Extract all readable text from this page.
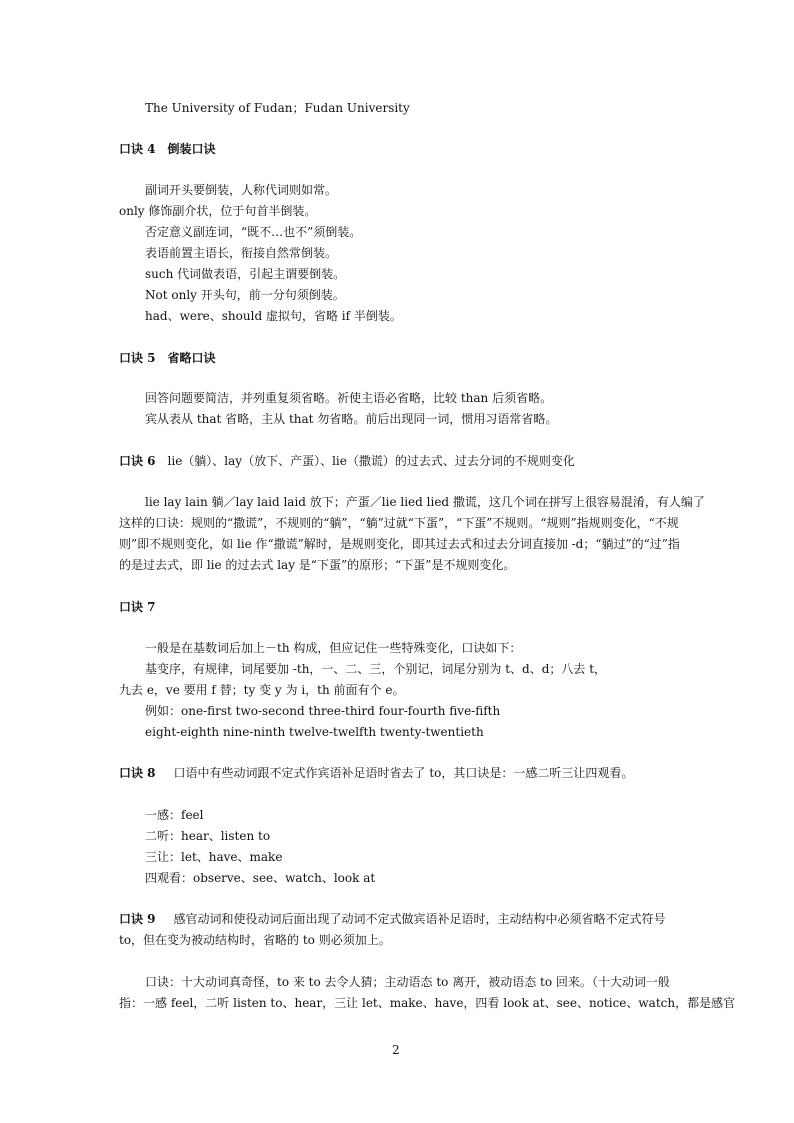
The University of Fudan；Fudan University
口诀 4 倒装口诀
副词开头要倒装，人称代词则如常。
only 修饰副介状，位于句首半倒装。
否定意义副连词，“既不…也不”须倒装。
表语前置主语长，衔接自然常倒装。
such 代词做表语，引起主谓要倒装。
Not only 开头句，前一分句须倒装。
had、were、should 虚拟句，省略 if 半倒装。
口诀 5 省略口诀
回答问题要简洁，并列重复须省略。祈使主语必省略，比较 than 后须省略。
宾从表从 that 省略，主从 that 勿省略。前后出现同一词，惯用习语常省略。
口诀 6 lie（躺）、lay（放下、产蛋）、lie（撒谎）的过去式、过去分词的不规则变化
lie lay lain 躺／lay laid laid 放下；产蛋／lie lied lied 撒谎，这几个词在拼写上很容易混淆，有人编了
这样的口诀：规则的“撒谎”，不规则的“躺”，“躺”过就“下蛋”，“下蛋”不规则。“规则”指规则变化，“不规
则”即不规则变化，如 lie 作“撒谎”解时，是规则变化，即其过去式和过去分词直接加 -d；“躺过”的“过”指
的是过去式，即 lie 的过去式 lay 是“下蛋”的原形；“下蛋”是不规则变化。
口诀 7
一般是在基数词后加上－th 构成，但应记住一些特殊变化，口诀如下：
基变序，有规律，词尾要加 -th，一、二、三，个别记，词尾分别为 t、d、d；八去 t，
九去 e，ve 要用 f 替；ty 变 y 为 i，th 前面有个 e。
例如：one-first two-second three-third four-fourth five-fifth
eight-eighth nine-ninth twelve-twelfth twenty-twentieth
口诀 8 口语中有些动词跟不定式作宾语补足语时省去了 to，其口诀是：一感二听三让四观看。
一感：feel
二听：hear、listen to
三让：let、have、make
四观看：observe、see、watch、look at
口诀 9 感官动词和使役动词后面出现了动词不定式做宾语补足语时，主动结构中必须省略不定式符号
to，但在变为被动结构时，省略的 to 则必须加上。
口诀：十大动词真奇怪，to 来 to 去令人猜；主动语态 to 离开，被动语态 to 回来。（十大动词一般
指：一感 feel，二听 listen to、hear，三让 let、make、have，四看 look at、see、notice、watch，都是感官
2
